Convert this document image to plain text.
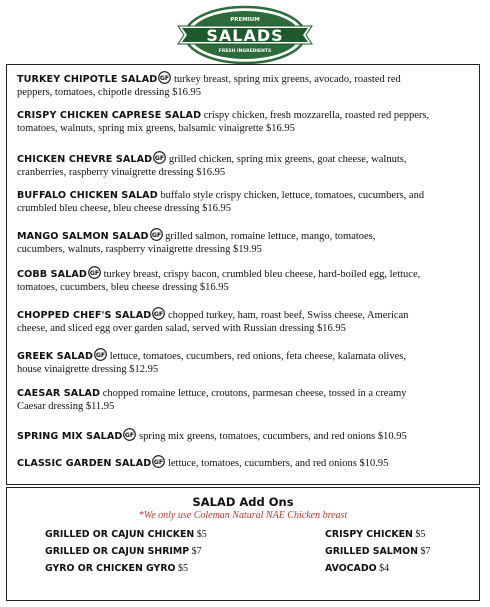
PREMIUM
SALADS
FRESH INGREDIENTS
TURKEY CHIPOTLE SALAD GF turkey breast, spring mix greens, avocado, roasted red
peppers, tomatoes, chipotle dressing $16.95
CRISPY CHICKEN CAPRESE SALAD crispy chicken, fresh mozzarella, roasted red peppers,
tomatoes, walnuts, spring mix greens, balsamic vinaigrette $16.95
CHICKEN CHEVRE SALAD GF grilled chicken, spring mix greens, goat cheese, walnuts,
cranberries, raspberry vinaigrette dressing $16.95
BUFFALO CHICKEN SALAD buffalo style crispy chicken, lettuce, tomatoes, cucumbers, and
crumbled bleu cheese, bleu cheese dressing $16.95
MANGO SALMON SALAD GF grilled salmon, romaine lettuce, mango, tomatoes,
cucumbers, walnuts, raspberry vinaigrette dressing $19.95
COBB SALAD GF turkey breast, crispy bacon, crumbled bleu cheese, hard-boiled egg, lettuce,
tomatoes, cucumbers, bleu cheese dressing $16.95
CHOPPED CHEF'S SALAD GF chopped turkey, ham, roast beef, Swiss cheese, American
cheese, and sliced egg over garden salad, served with Russian dressing $16.95
GREEK SALAD GF lettuce, tomatoes, cucumbers, red onions, feta cheese, kalamata olives,
house vinaigrette dressing $12.95
CAESAR SALAD chopped romaine lettuce, croutons, parmesan cheese, tossed in a creamy
Caesar dressing $11.95
SPRING MIX SALAD GF spring mix greens, tomatoes, cucumbers, and red onions $10.95
CLASSIC GARDEN SALAD GF lettuce, tomatoes, cucumbers, and red onions $10.95
SALAD Add Ons
*We only use Coleman Natural NAE Chicken breast
GRILLED OR CAJUN CHICKEN $5
GRILLED OR CAJUN SHRIMP $7
GYRO OR CHICKEN GYRO $5
CRISPY CHICKEN $5
GRILLED SALMON $7
AVOCADO $4
